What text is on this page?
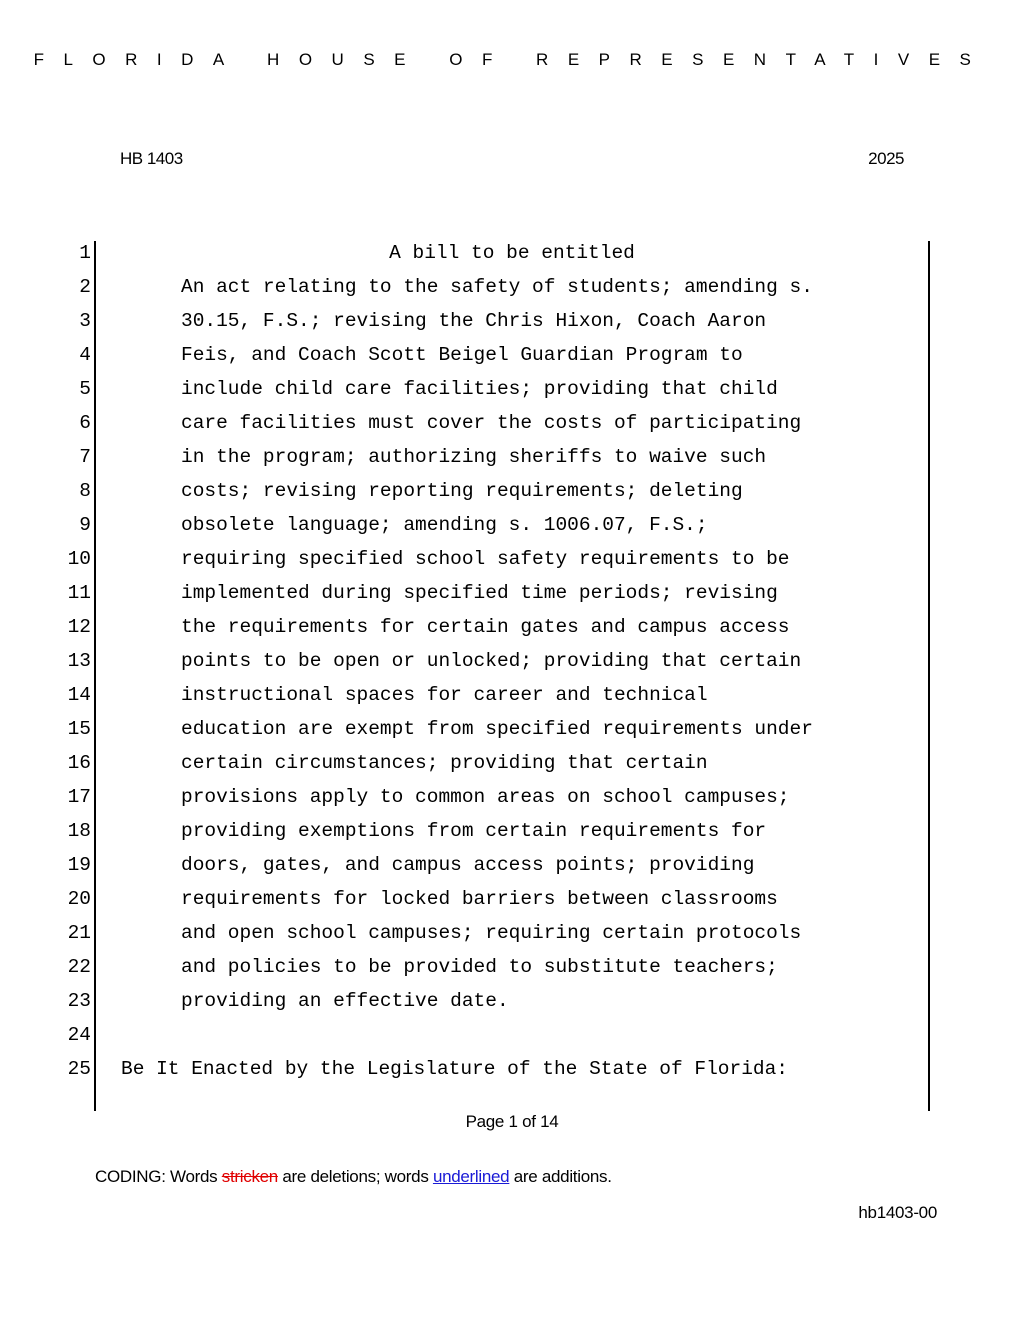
FLORIDA HOUSE OF REPRESENTATIVES
HB 1403	2025
1	A bill to be entitled
2	An act relating to the safety of students; amending s.
3	30.15, F.S.; revising the Chris Hixon, Coach Aaron
4	Feis, and Coach Scott Beigel Guardian Program to
5	include child care facilities; providing that child
6	care facilities must cover the costs of participating
7	in the program; authorizing sheriffs to waive such
8	costs; revising reporting requirements; deleting
9	obsolete language; amending s. 1006.07, F.S.;
10	requiring specified school safety requirements to be
11	implemented during specified time periods; revising
12	the requirements for certain gates and campus access
13	points to be open or unlocked; providing that certain
14	instructional spaces for career and technical
15	education are exempt from specified requirements under
16	certain circumstances; providing that certain
17	provisions apply to common areas on school campuses;
18	providing exemptions from certain requirements for
19	doors, gates, and campus access points; providing
20	requirements for locked barriers between classrooms
21	and open school campuses; requiring certain protocols
22	and policies to be provided to substitute teachers;
23	providing an effective date.
24
25 Be It Enacted by the Legislature of the State of Florida:
Page 1 of 14
CODING: Words stricken are deletions; words underlined are additions.
hb1403-00
